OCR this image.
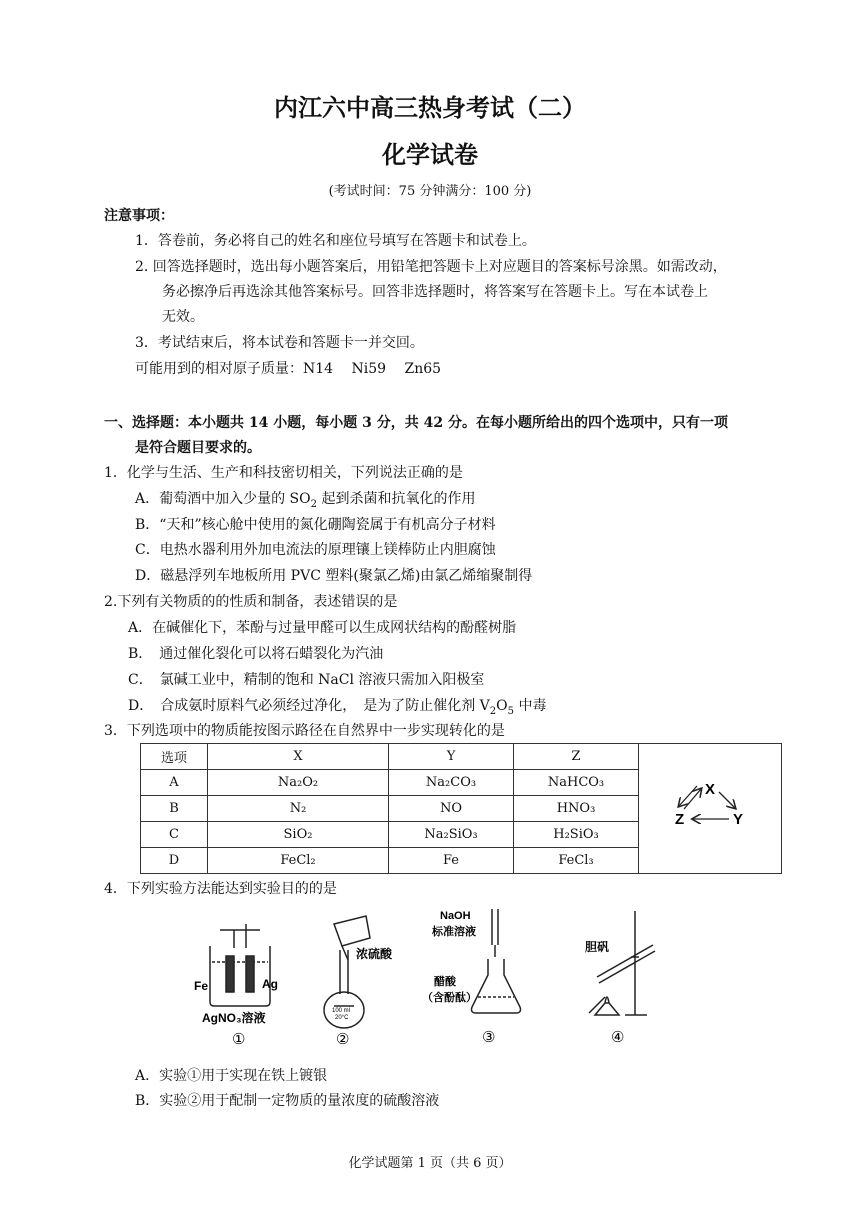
内江六中高三热身考试（二）
化学试卷
(考试时间：75 分钟满分：100 分)
注意事项：
1．答卷前，务必将自己的姓名和座位号填写在答题卡和试卷上。
2. 回答选择题时，选出每小题答案后，用铅笔把答题卡上对应题目的答案标号涂黑。如需改动，
务必擦净后再选涂其他答案标号。回答非选择题时，将答案写在答题卡上。写在本试卷上
无效。
3．考试结束后，将本试卷和答题卡一并交回。
可能用到的相对原子质量：N14　 Ni59　 Zn65
一、选择题：本小题共 14 小题，每小题 3 分，共 42 分。在每小题所给出的四个选项中，只有一项
是符合题目要求的。
1．化学与生活、生产和科技密切相关，下列说法正确的是
A．葡萄酒中加入少量的 $SO_2$ 起到杀菌和抗氧化的作用
B．“天和”核心舱中使用的氮化硼陶瓷属于有机高分子材料
C．电热水器利用外加电流法的原理镶上镁棒防止内胆腐蚀
D．磁悬浮列车地板所用 PVC 塑料(聚氯乙烯)由氯乙烯缩聚制得
2.下列有关物质的的性质和制备，表述错误的是
A．在碱催化下，苯酚与过量甲醛可以生成网状结构的酚醛树脂
B．　通过催化裂化可以将石蜡裂化为汽油
C．　氯碱工业中，精制的饱和 NaCl 溶液只需加入阳极室
D．　合成氨时原料气必须经过净化，　是为了防止催化剂 $V_2O_5$ 中毒
3．下列选项中的物质能按图示路径在自然界中一步实现转化的是
选项	X	Y	Z	X
Z Y

A	Na₂O₂	Na₂CO₃	NaHCO₃	
B	N₂	NO	HNO₃	
C	SiO₂	Na₂SiO₃	H₂SiO₃	
D	FeCl₂	Fe	FeCl₃	
4．下列实验方法能达到实验目的的是
Fe	Ag
AgNO₃溶液
①
浓硫酸
100 ml
20°C
②
NaOH
标准溶液
醋酸
（含酚酞）
③
胆矾
④
A．实验①用于实现在铁上镀银
B．实验②用于配制一定物质的量浓度的硫酸溶液
化学试题第 1 页（共 6 页）
